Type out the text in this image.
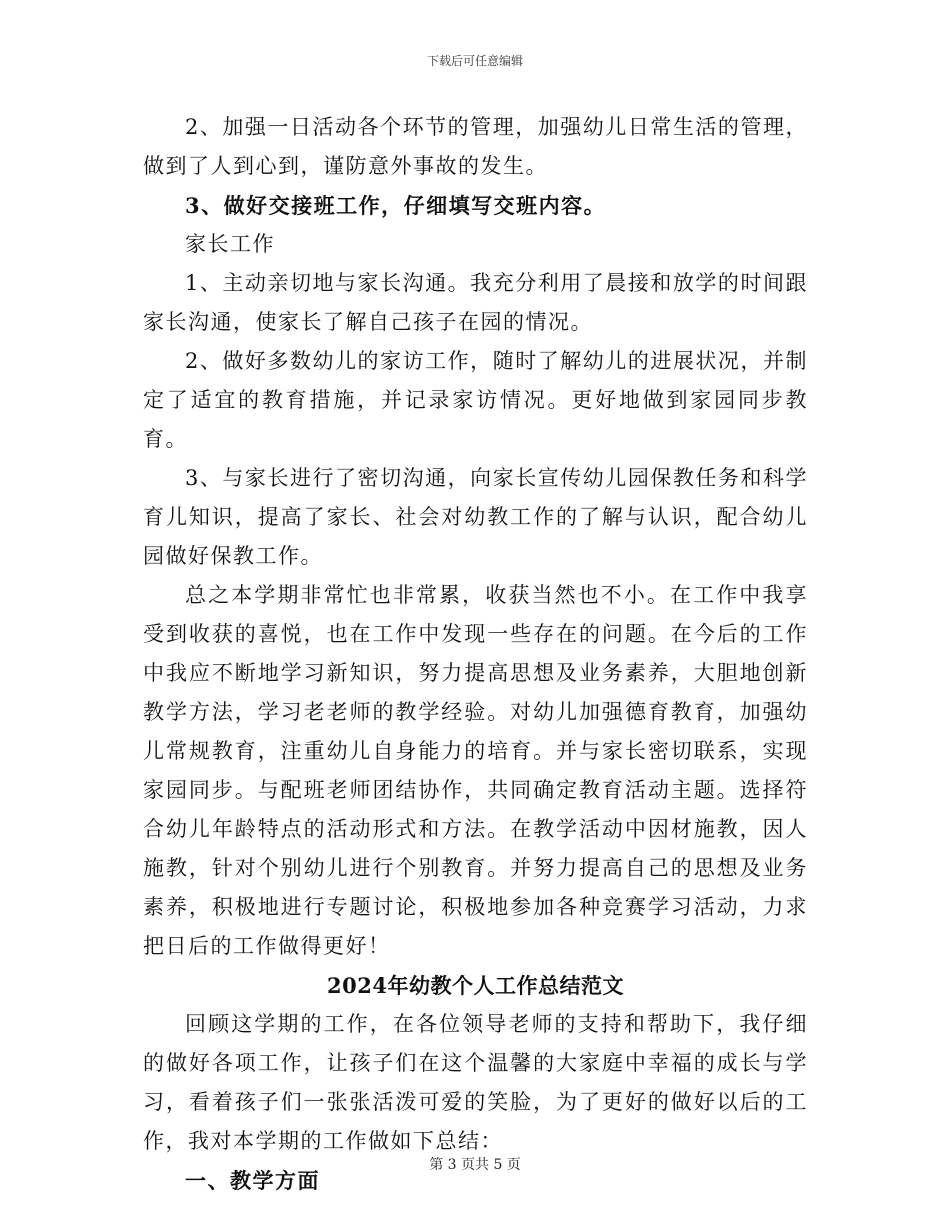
下载后可任意编辑

2、加强一日活动各个环节的管理，加强幼儿日常生活的管理，做到了人到心到，谨防意外事故的发生。

3、做好交接班工作，仔细填写交班内容。

家长工作

1、主动亲切地与家长沟通。我充分利用了晨接和放学的时间跟家长沟通，使家长了解自己孩子在园的情况。

2、做好多数幼儿的家访工作，随时了解幼儿的进展状况，并制定了适宜的教育措施，并记录家访情况。更好地做到家园同步教育。

3、与家长进行了密切沟通，向家长宣传幼儿园保教任务和科学育儿知识，提高了家长、社会对幼教工作的了解与认识，配合幼儿园做好保教工作。

总之本学期非常忙也非常累，收获当然也不小。在工作中我享受到收获的喜悦，也在工作中发现一些存在的问题。在今后的工作中我应不断地学习新知识，努力提高思想及业务素养，大胆地创新教学方法，学习老老师的教学经验。对幼儿加强德育教育，加强幼儿常规教育，注重幼儿自身能力的培育。并与家长密切联系，实现家园同步。与配班老师团结协作，共同确定教育活动主题。选择符合幼儿年龄特点的活动形式和方法。在教学活动中因材施教，因人施教，针对个别幼儿进行个别教育。并努力提高自己的思想及业务素养，积极地进行专题讨论，积极地参加各种竞赛学习活动，力求把日后的工作做得更好！

2024年幼教个人工作总结范文

回顾这学期的工作，在各位领导老师的支持和帮助下，我仔细的做好各项工作，让孩子们在这个温馨的大家庭中幸福的成长与学习，看着孩子们一张张活泼可爱的笑脸，为了更好的做好以后的工作，我对本学期的工作做如下总结：

一、教学方面

第 3 页共 5 页
